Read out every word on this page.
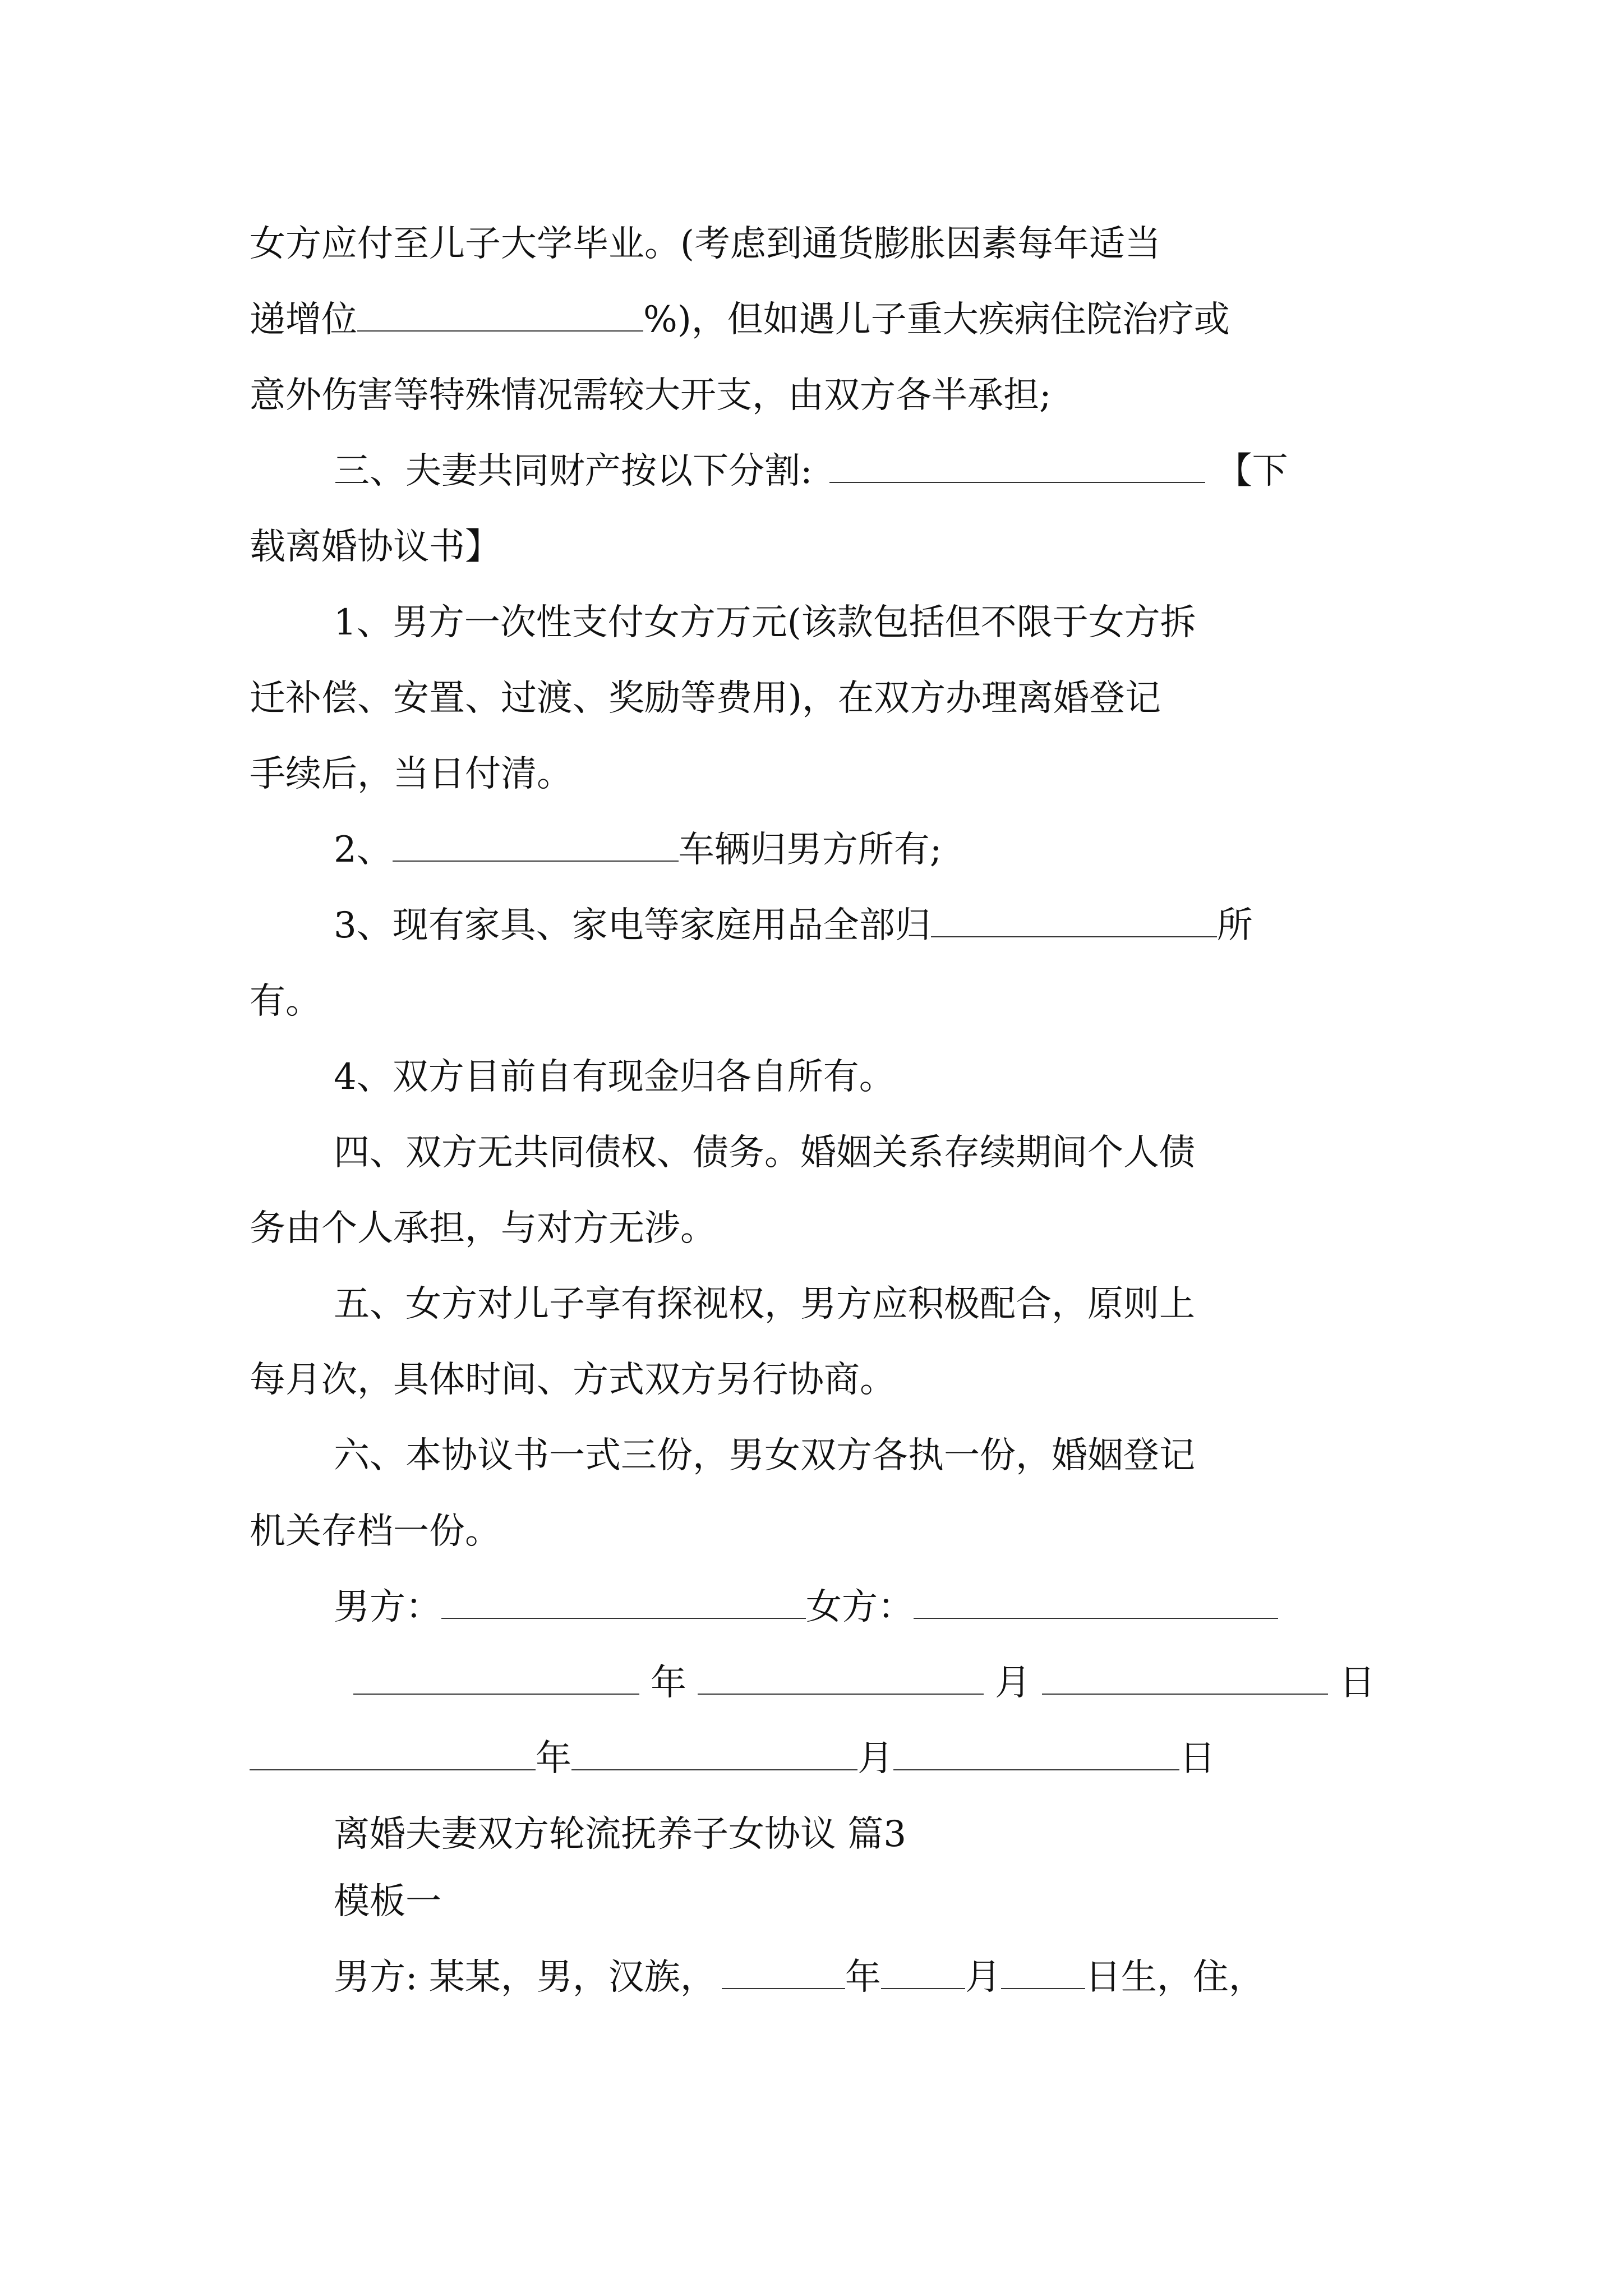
女方应付至儿子大学毕业。(考虑到通货膨胀因素每年适当
递增位	%)，但如遇儿子重大疾病住院治疗或
意外伤害等特殊情况需较大开支，由双方各半承担;
三、夫妻共同财产按以下分割:	【下
载离婚协议书】
1、男方一次性支付女方万元(该款包括但不限于女方拆
迁补偿、安置、过渡、奖励等费用)，在双方办理离婚登记
手续后，当日付清。
2、	车辆归男方所有;
3、现有家具、家电等家庭用品全部归	所
有。
4、双方目前自有现金归各自所有。
四、双方无共同债权、债务。婚姻关系存续期间个人债
务由个人承担，与对方无涉。
五、女方对儿子享有探视权，男方应积极配合，原则上
每月次，具体时间、方式双方另行协商。
六、本协议书一式三份，男女双方各执一份，婚姻登记
机关存档一份。
男方：	女方：
年	月	日
年	月	日
离婚夫妻双方轮流抚养子女协议 篇3
模板一
男方: 某某，男，汉族，	年 月 日生，住，
